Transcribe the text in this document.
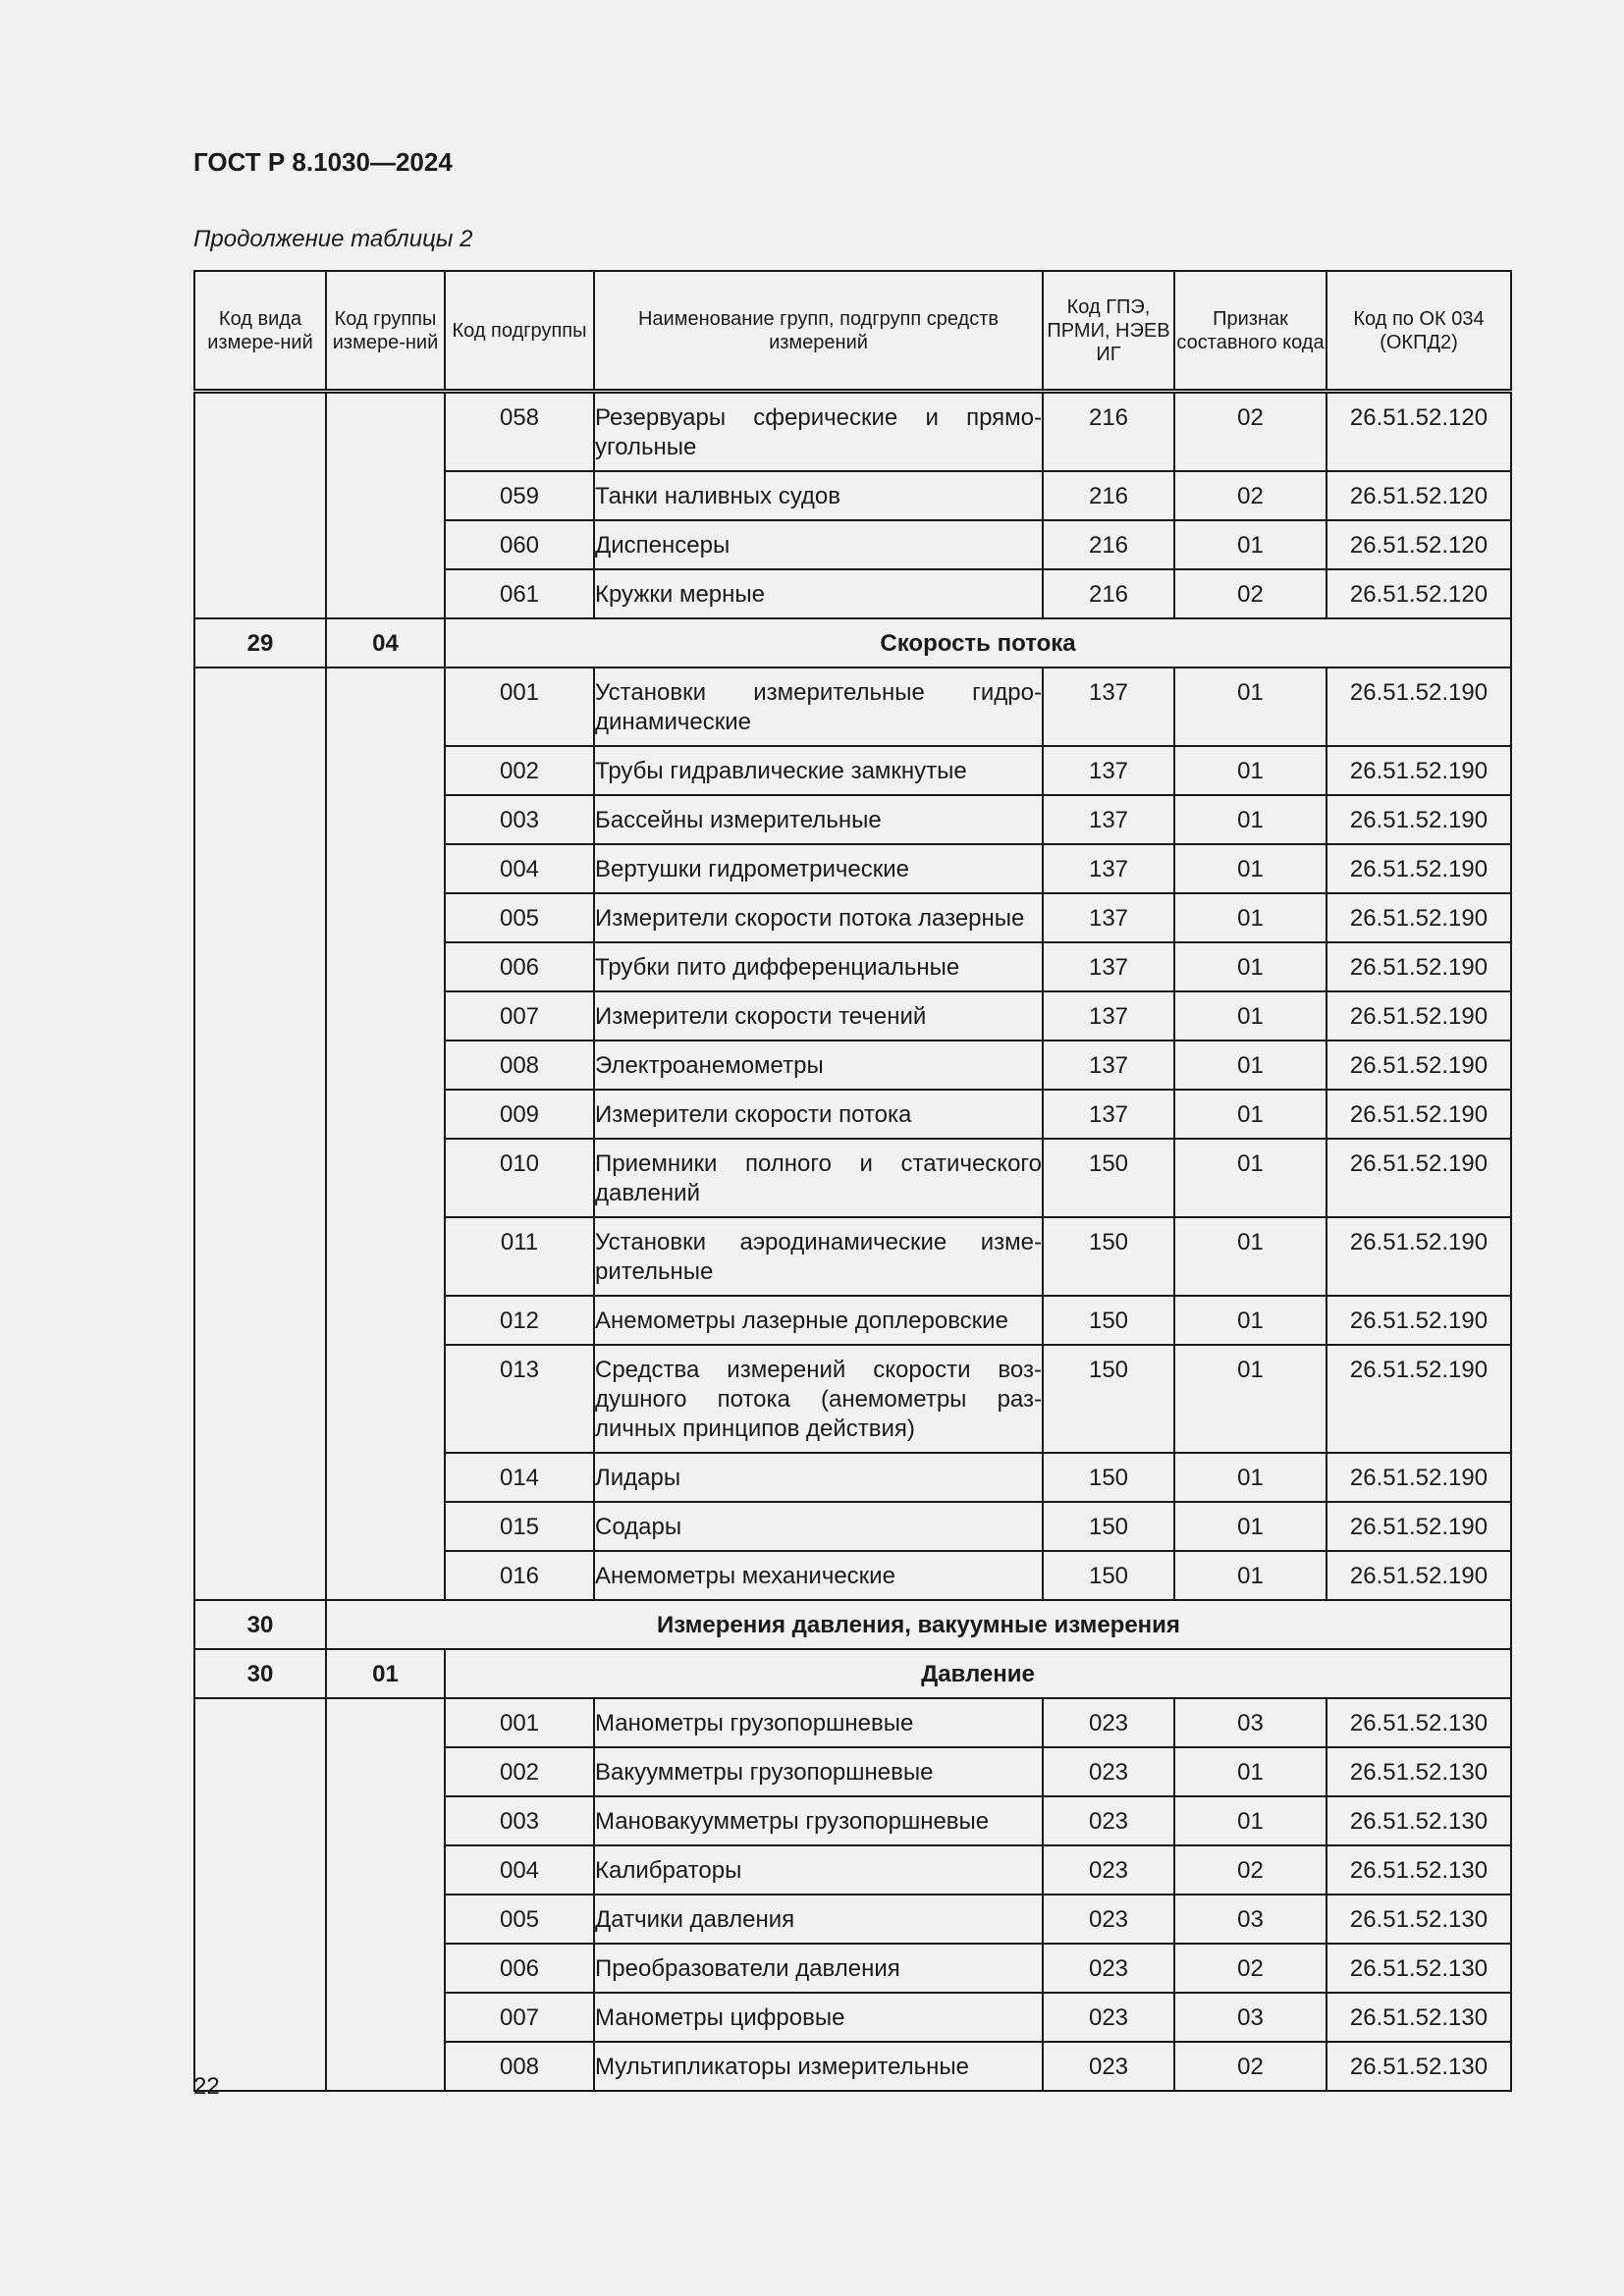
ГОСТ Р 8.1030—2024
Продолжение таблицы 2
Код вида измере-ний	Код группы измере-ний	Код подгруппы	Наименование групп, подгрупп средств измерений	Код ГПЭ, ПРМИ, НЭЕВ ИГ	Признак составного кода	Код по ОК 034 (ОКПД2)
		058	Резервуары сферические и прямо-угольные	216	02	26.51.52.120
		059	Танки наливных судов	216	02	26.51.52.120
		060	Диспенсеры	216	01	26.51.52.120
		061	Кружки мерные	216	02	26.51.52.120
29	04	Скорость потока				
		001	Установки измерительные гидро-динамические	137	01	26.51.52.190
		002	Трубы гидравлические замкнутые	137	01	26.51.52.190
		003	Бассейны измерительные	137	01	26.51.52.190
		004	Вертушки гидрометрические	137	01	26.51.52.190
		005	Измерители скорости потока лазерные	137	01	26.51.52.190
		006	Трубки пито дифференциальные	137	01	26.51.52.190
		007	Измерители скорости течений	137	01	26.51.52.190
		008	Электроанемометры	137	01	26.51.52.190
		009	Измерители скорости потока	137	01	26.51.52.190
		010	Приемники полного и статического давлений	150	01	26.51.52.190
		011	Установки аэродинамические изме-рительные	150	01	26.51.52.190
		012	Анемометры лазерные доплеровские	150	01	26.51.52.190
		013	Средства измерений скорости воз-душного потока (анемометры раз-личных принципов действия)	150	01	26.51.52.190
		014	Лидары	150	01	26.51.52.190
		015	Содары	150	01	26.51.52.190
		016	Анемометры механические	150	01	26.51.52.190
30	Измерения давления, вакуумные измерения					
30	01	Давление				
		001	Манометры грузопоршневые	023	03	26.51.52.130
		002	Вакуумметры грузопоршневые	023	01	26.51.52.130
		003	Мановакуумметры грузопоршневые	023	01	26.51.52.130
		004	Калибраторы	023	02	26.51.52.130
		005	Датчики давления	023	03	26.51.52.130
		006	Преобразователи давления	023	02	26.51.52.130
		007	Манометры цифровые	023	03	26.51.52.130
		008	Мультипликаторы измерительные	023	02	26.51.52.130
22
